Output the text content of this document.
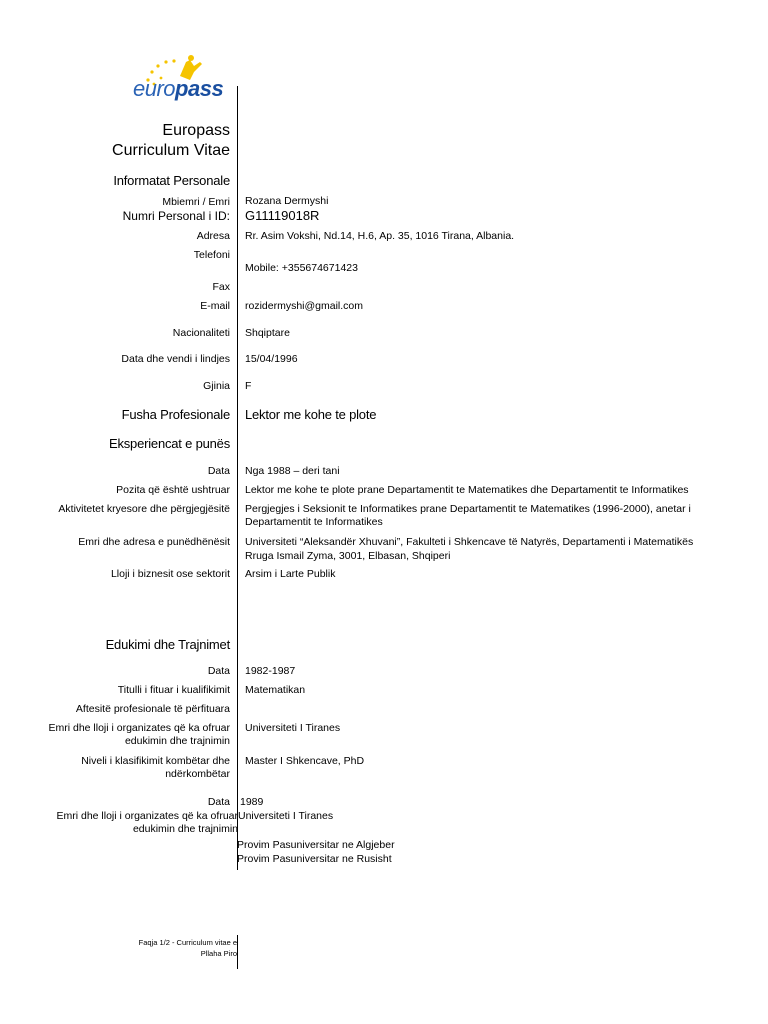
europass
Europass
Curriculum Vitae
Informatat Personale
Mbiemri / Emri Rozana Dermyshi
Numri Personal i ID: G11119018R
Adresa Rr. Asim Vokshi, Nd.14, H.6, Ap. 35, 1016 Tirana, Albania.
Telefoni
Mobile: +355674671423
Fax
E-mail rozidermyshi@gmail.com
Nacionaliteti Shqiptare
Data dhe vendi i lindjes 15/04/1996
Gjinia F
Fusha Profesionale Lektor me kohe te plote
Eksperiencat e punës
Data Nga 1988 – deri tani
Pozita që është ushtruar Lektor me kohe te plote prane Departamentit te Matematikes dhe Departamentit te Informatikes
Aktivitetet kryesore dhe përgjegjësitë Pergjegjes i Seksionit te Informatikes prane Departamentit te Matematikes (1996-2000), anetar i
Departamentit te Informatikes
Emri dhe adresa e punëdhënësit Universiteti “Aleksandër Xhuvani”, Fakulteti i Shkencave të Natyrës, Departamenti i Matematikës
Rruga Ismail Zyma, 3001, Elbasan, Shqiperi
Lloji i biznesit ose sektorit Arsim i Larte Publik
Edukimi dhe Trajnimet
Data 1982-1987
Titulli i fituar i kualifikimit Matematikan
Aftesitë profesionale të përfituara
Emri dhe lloji i organizates që ka ofruar
edukimin dhe trajnimin
Universiteti I Tiranes
Niveli i klasifikimit kombëtar dhe
ndërkombëtar
Master I Shkencave, PhD
Data 1989
Emri dhe lloji i organizates që ka ofruar
edukimin dhe trajnimin
Universiteti I Tiranes
Provim Pasuniversitar ne Algjeber
Provim Pasuniversitar ne Rusisht
Faqja 1/2 - Curriculum vitae e
Pllaha Piro
